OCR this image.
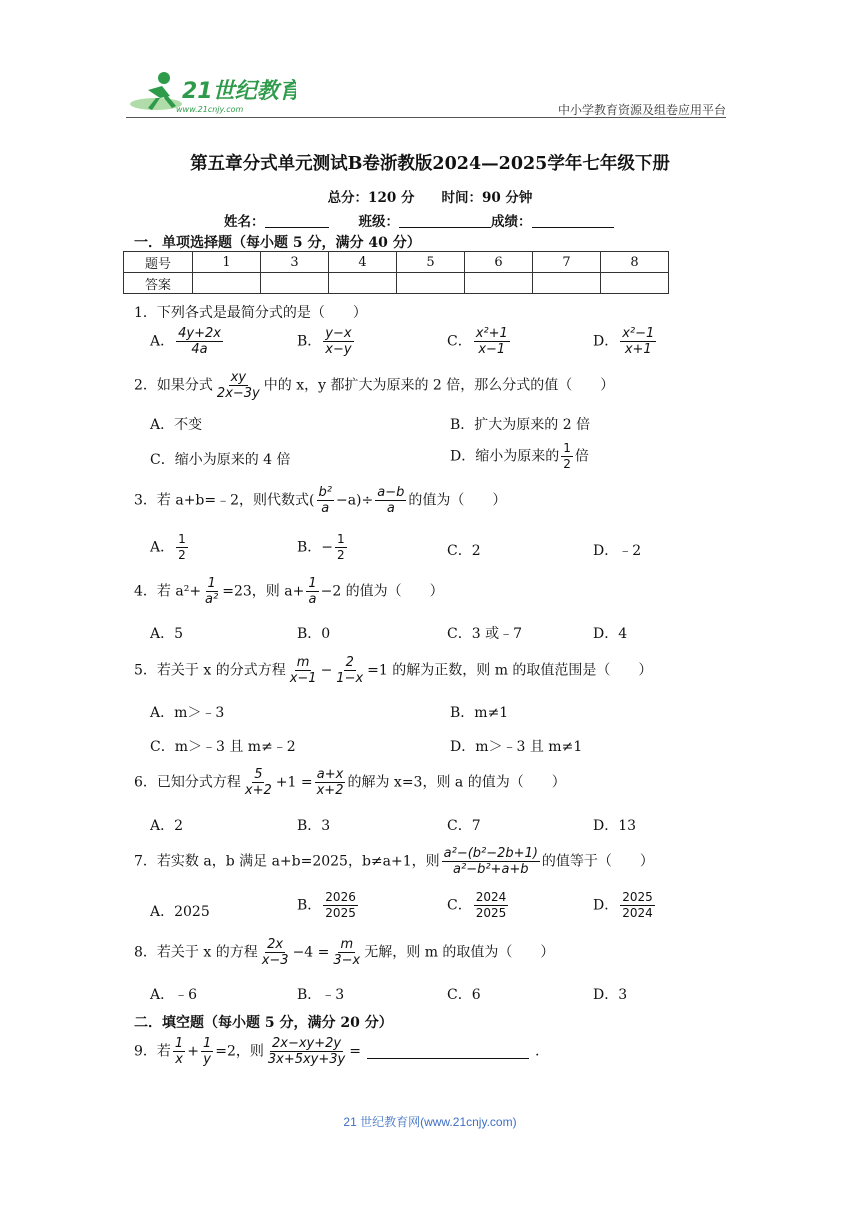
21世纪教育
www.21cnjy.com	中小学教育资源及组卷应用平台
第五章分式单元测试B卷浙教版2024—2025学年七年级下册
总分：120 分　　时间：90 分钟
姓名：	班级：	成绩：
一．单项选择题（每小题 5 分，满分 40 分）
题号	1	3	4	5	6	7	8
答案							
1．下列各式是最简分式的是（　　）
A． $\frac{4y+2x}{4a}$	B． $\frac{y-x}{x-y}$	C． $\frac{\text{x²+1}}{x-1}$	D． $\frac{\text{x²−1}}{x+1}$
2．如果分式 $\frac{xy}{2x-3y}$ 中的 x，y 都扩大为原来的 2 倍，那么分式的值（　　）
A．不变	B．扩大为原来的 2 倍
C．缩小为原来的 4 倍	D．缩小为原来的 $\frac{1}{2}$ 倍
3．若 a+b=﹣2，则代数式( $\frac{\text{b²}}{a} -a)\div \frac{a-b}{a}$ 的值为（　　）
A． $\frac{1}{2}$	B．− $\frac{1}{2}$	C．2	D．﹣2
4．若 $a^2+ \frac{1}{\text{a²}} =23$，则 $a+ \frac{1}{a} -2$ 的值为（　　）
A．5	B．0	C．3 或﹣7	D．4
5．若关于 x 的分式方程 $\frac{m}{x-1} - \frac{2}{1-x} =1$ 的解为正数，则 m 的取值范围是（　　）
A．m＞﹣3	B．m≠1
C．m＞﹣3 且 m≠﹣2	D．m＞﹣3 且 m≠1
6．已知分式方程 $\frac{5}{x+2} +1 = \frac{a+x}{x+2}$ 的解为 x=3，则 a 的值为（　　）
A．2	B．3	C．7	D．13
7．若实数 a，b 满足 a+b=2025，b≠a+1，则 $\frac{\text{a²−(b²−2b+1)}}{\text{a²−b²+a+b}}$ 的值等于（　　）
A．2025	B． $\frac{2026}{2025}$	C． $\frac{2024}{2025}$	D． $\frac{2025}{2024}$
8．若关于 x 的方程 $\frac{2x}{x-3} -4 = \frac{m}{3-x}$ 无解，则 m 的取值为（　　）
A．﹣6	B．﹣3	C．6	D．3
二．填空题（每小题 5 分，满分 20 分）
9．若 $\frac{1}{x} + \frac{1}{y} =2$，则 $\frac{2x-xy+2y}{3x+5xy+3y}$ =	.
21 世纪教育网(www.21cnjy.com)
